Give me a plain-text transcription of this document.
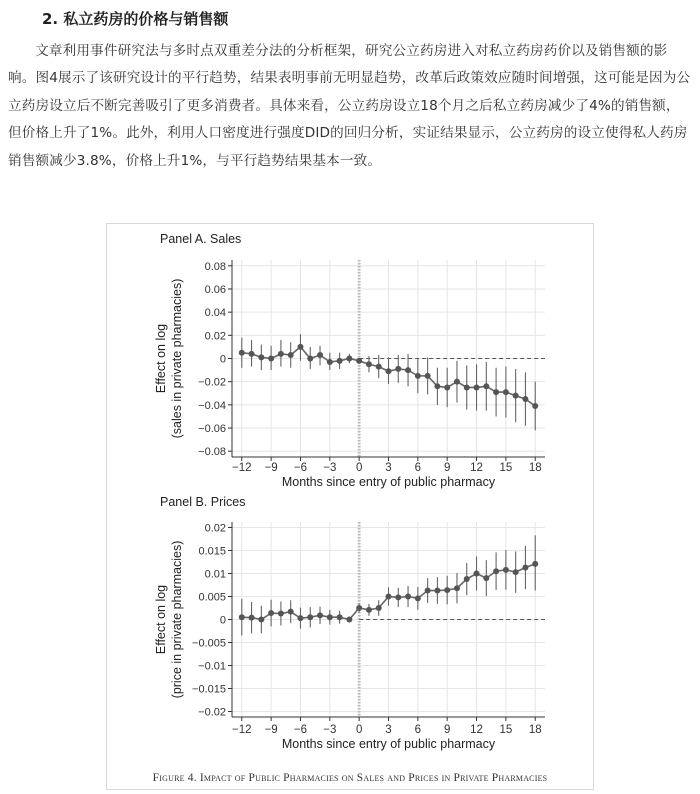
2. 私立药房的价格与销售额
文章利用事件研究法与多时点双重差分法的分析框架，研究公立药房进入对私立药房药价以及销售额的影响。图4展示了该研究设计的平行趋势，结果表明事前无明显趋势，改革后政策效应随时间增强，这可能是因为公立药房设立后不断完善吸引了更多消费者。具体来看，公立药房设立18个月之后私立药房减少了4%的销售额，但价格上升了1%。此外，利用人口密度进行强度DID的回归分析，实证结果显示，公立药房的设立使得私人药房销售额减少3.8%，价格上升1%，与平行趋势结果基本一致。
0.08
0.06
0.04
0.02
0
−0.02
−0.04
−0.06
−0.08
−12 −9 −6 −3 0 3 6 9 12 15 18
Panel A. Sales
Effect on log (sales in private pharmacies)
Months since entry of public pharmacy
0.02
0.015
0.01
0.005
0
−0.005
−0.01
−0.015
−0.02
−12 −9 −6 −3 0 3 6 9 12 15 18
Panel B. Prices
Effect on log (price in private pharmacies)
Months since entry of public pharmacy
Figure 4. Impact of Public Pharmacies on Sales and Prices in Private Pharmacies
